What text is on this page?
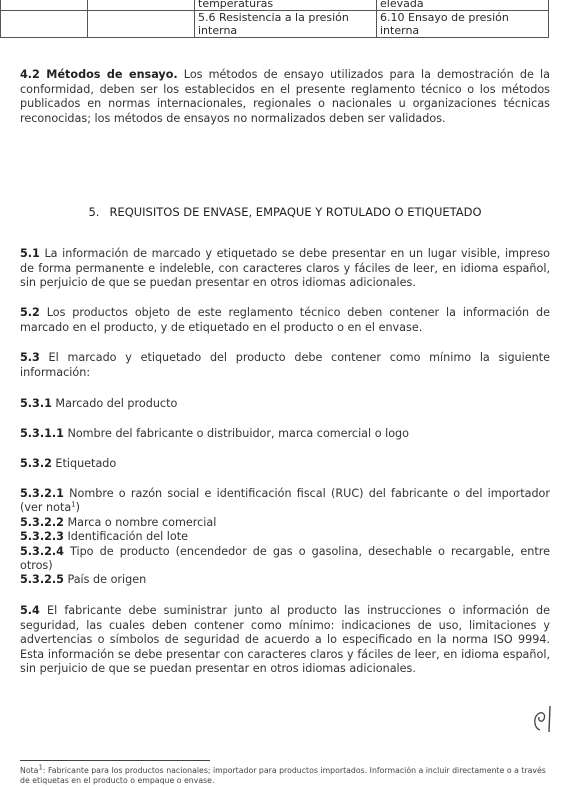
		temperaturas	elevada
		5.6 Resistencia a la presión interna	6.10 Ensayo de presión interna

4.2 Métodos de ensayo. Los métodos de ensayo utilizados para la demostración de la conformidad, deben ser los establecidos en el presente reglamento técnico o los métodos publicados en normas internacionales, regionales o nacionales u organizaciones técnicas reconocidas; los métodos de ensayos no normalizados deben ser validados.

5. REQUISITOS DE ENVASE, EMPAQUE Y ROTULADO O ETIQUETADO

5.1 La información de marcado y etiquetado se debe presentar en un lugar visible, impreso de forma permanente e indeleble, con caracteres claros y fáciles de leer, en idioma español, sin perjuicio de que se puedan presentar en otros idiomas adicionales.

5.2 Los productos objeto de este reglamento técnico deben contener la información de marcado en el producto, y de etiquetado en el producto o en el envase.

5.3 El marcado y etiquetado del producto debe contener como mínimo la siguiente información:

5.3.1 Marcado del producto

5.3.1.1 Nombre del fabricante o distribuidor, marca comercial o logo

5.3.2 Etiquetado

5.3.2.1 Nombre o razón social e identificación fiscal (RUC) del fabricante o del importador (ver nota$^1$)

5.3.2.2 Marca o nombre comercial

5.3.2.3 Identificación del lote

5.3.2.4 Tipo de producto (encendedor de gas o gasolina, desechable o recargable, entre otros)

5.3.2.5 País de origen

5.4 El fabricante debe suministrar junto al producto las instrucciones o información de seguridad, las cuales deben contener como mínimo: indicaciones de uso, limitaciones y advertencias o símbolos de seguridad de acuerdo a lo especificado en la norma ISO 9994. Esta información se debe presentar con caracteres claros y fáciles de leer, en idioma español, sin perjuicio de que se puedan presentar en otros idiomas adicionales.

Nota$^1$: Fabricante para los productos nacionales; importador para productos importados. Información a incluir directamente o a través de etiquetas en el producto o empaque o envase.
